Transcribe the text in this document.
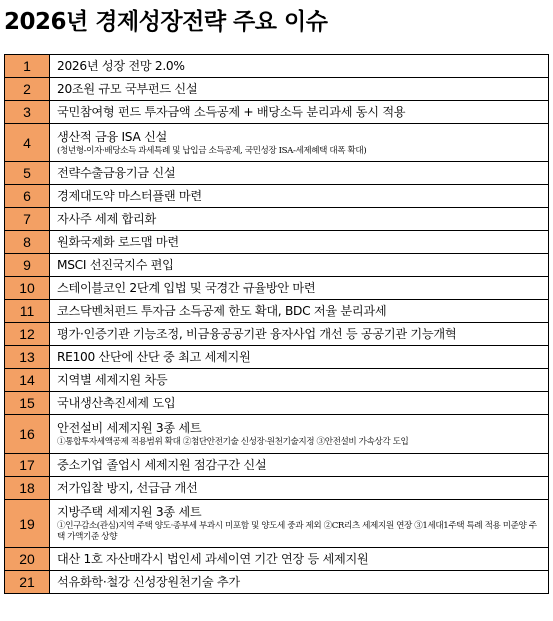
2026년 경제성장전략 주요 이슈
1	2026년 성장 전망 2.0%

2	20조원 규모 국부펀드 신설

3	국민참여형 펀드 투자금액 소득공제 + 배당소득 분리과세 동시 적용

4	생산적 금융 ISA 신설
(청년형-이자·배당소득 과세특례 및 납입금 소득공제, 국민성장 ISA-세제혜택 대폭 확대)

5	전략수출금융기금 신설

6	경제대도약 마스터플랜 마련

7	자사주 세제 합리화

8	원화국제화 로드맵 마련

9	MSCI 선진국지수 편입

10	스테이블코인 2단계 입법 및 국경간 규율방안 마련

11	코스닥벤처펀드 투자금 소득공제 한도 확대, BDC 저율 분리과세

12	평가·인증기관 기능조정, 비금융공공기관 융자사업 개선 등 공공기관 기능개혁

13	RE100 산단에 산단 중 최고 세제지원

14	지역별 세제지원 차등

15	국내생산촉진세제 도입

16	안전설비 세제지원 3종 세트
①통합투자세액공제 적용범위 확대 ②첨단안전기술 신성장·원천기술지정 ③안전설비 가속상각 도입

17	중소기업 졸업시 세제지원 점감구간 신설

18	저가입찰 방지, 선급금 개선

19	지방주택 세제지원 3종 세트
①인구감소(관심)지역 주택 양도·종부세 부과시 미포함 및 양도세 중과 제외 ②CR리츠 세제지원 연장 ③1세대1주택 특례 적용 미준양 주택 가액기준 상향

20	대산 1호 자산매각시 법인세 과세이연 기간 연장 등 세제지원

21	석유화학·철강 신성장원천기술 추가
